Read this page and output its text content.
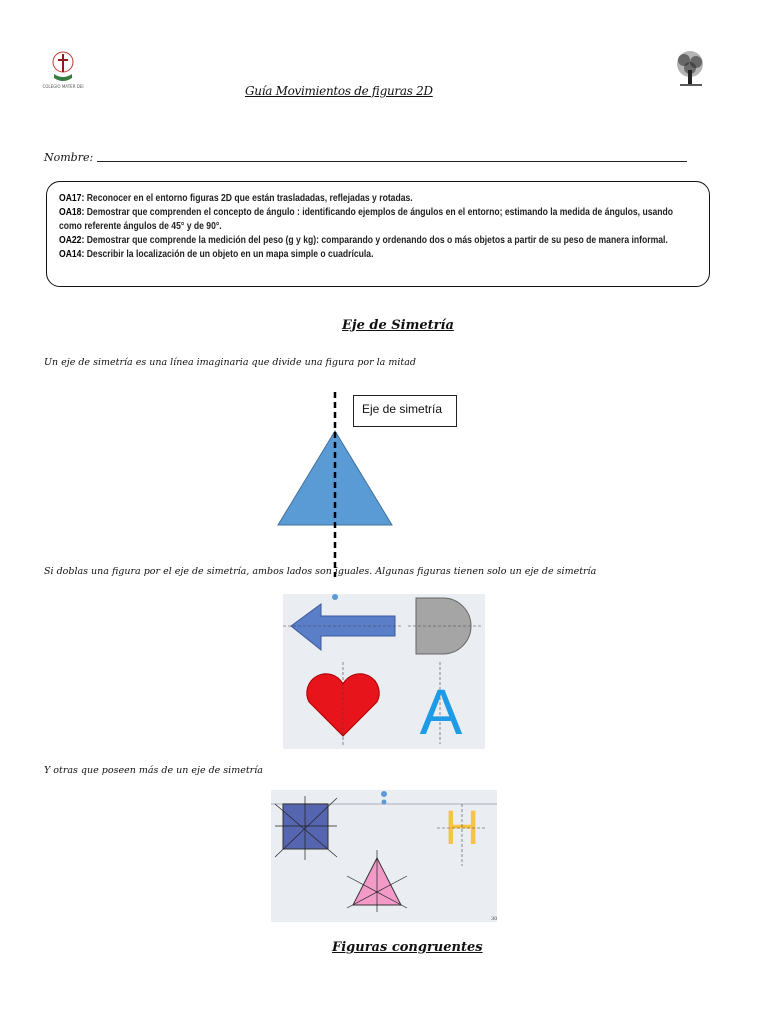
COLEGIO MATER DEI	Guía Movimientos de figuras 2D
Nombre:

OA17: Reconocer en el entorno figuras 2D que están trasladadas, reflejadas y rotadas.

OA18: Demostrar que comprenden el concepto de ángulo : identificando ejemplos de ángulos en el entorno; estimando la medida de ángulos, usando como referente ángulos de 45° y de 90°.

OA22: Demostrar que comprende la medición del peso (g y kg): comparando y ordenando dos o más objetos a partir de su peso de manera informal.

OA14: Describir la localización de un objeto en un mapa simple o cuadrícula.

Eje de Simetría
Un eje de simetría es una línea imaginaria que divide una figura por la mitad
Eje de simetría
Si doblas una figura por el eje de simetría, ambos lados son iguales. Algunas figuras tienen solo un eje de simetría
A
Y otras que poseen más de un eje de simetría
H
30
Figuras congruentes
